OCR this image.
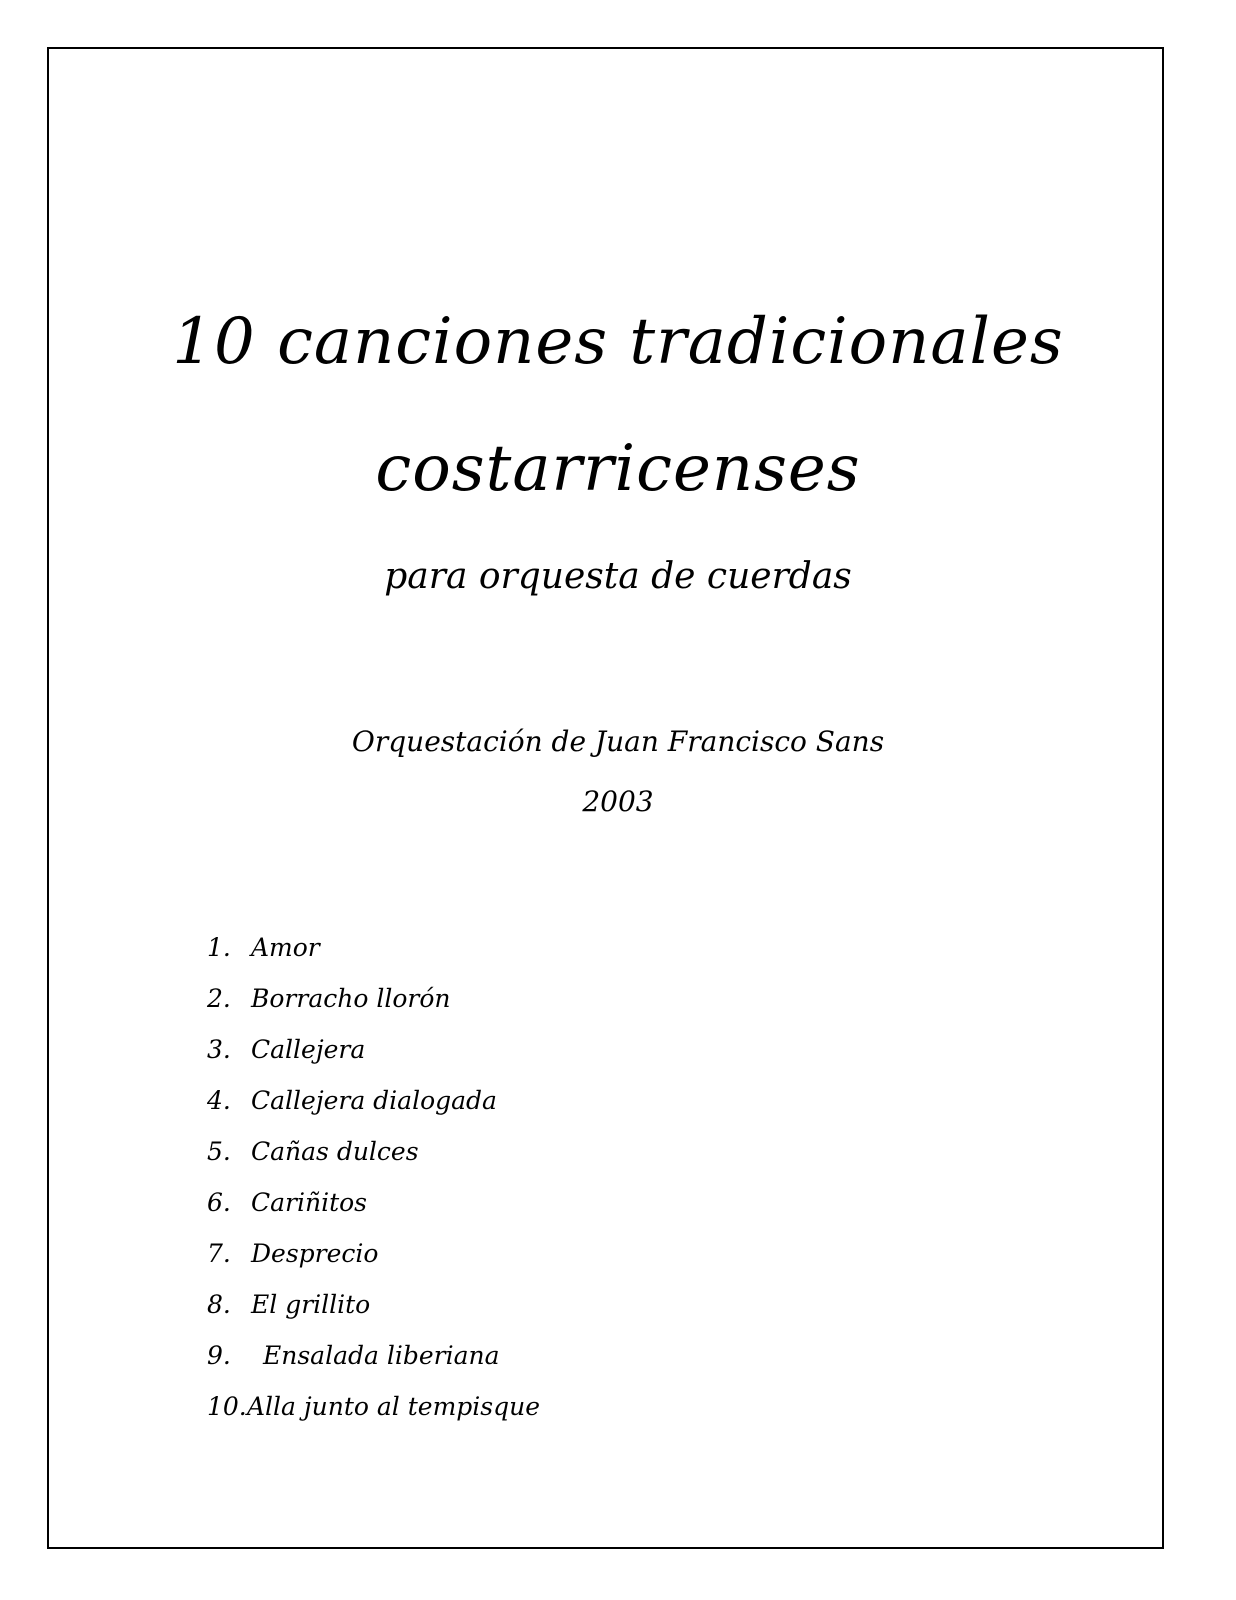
10 canciones tradicionales
costarricenses
para orquesta de cuerdas
Orquestación de Juan Francisco Sans
2003
1. Amor
2. Borracho llorón
3. Callejera
4. Callejera dialogada
5. Cañas dulces
6. Cariñitos
7. Desprecio
8. El grillito
9. Ensalada liberiana
10.Alla junto al tempisque
